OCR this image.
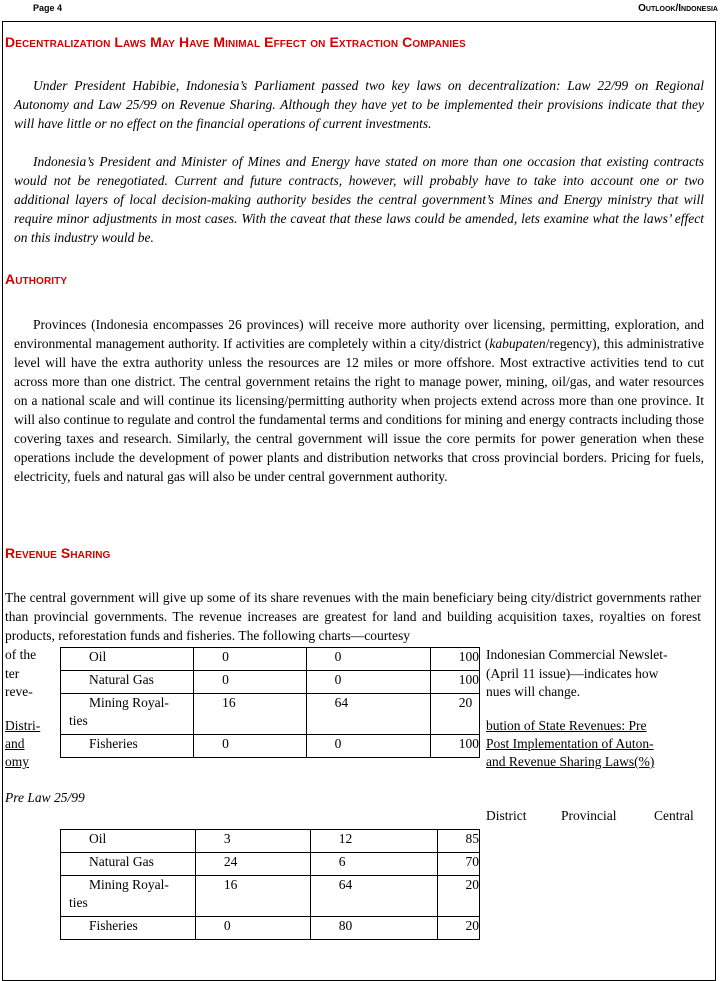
Page 4	Outlook/Indonesia
Decentralization Laws May Have Minimal Effect on Extraction Companies
Under President Habibie, Indonesia’s Parliament passed two key laws on decentralization: Law 22/99 on Regional Autonomy and Law 25/99 on Revenue Sharing. Although they have yet to be implemented their provisions indicate that they will have little or no effect on the financial operations of current investments.
Indonesia’s President and Minister of Mines and Energy have stated on more than one occasion that existing contracts would not be renegotiated. Current and future contracts, however, will probably have to take into account one or two additional layers of local decision-making authority besides the central government’s Mines and Energy ministry that will require minor adjustments in most cases. With the caveat that these laws could be amended, lets examine what the laws’ effect on this industry would be.
Authority
Provinces (Indonesia encompasses 26 provinces) will receive more authority over licensing, permitting, exploration, and environmental management authority. If activities are completely within a city/district (kabupaten/regency), this administrative level will have the extra authority unless the resources are 12 miles or more offshore. Most extractive activities tend to cut across more than one district. The central government retains the right to manage power, mining, oil/gas, and water resources on a national scale and will continue its licensing/permitting authority when projects extend across more than one province. It will also continue to regulate and control the fundamental terms and conditions for mining and energy contracts including those covering taxes and research. Similarly, the central government will issue the core permits for power generation when these operations include the development of power plants and distribution networks that cross provincial borders. Pricing for fuels, electricity, fuels and natural gas will also be under central government authority.
Revenue Sharing
The central government will give up some of its share revenues with the main beneficiary being city/district governments rather than provincial governments. The revenue increases are greatest for land and building acquisition taxes, royalties on forest products, reforestation funds and fisheries. The following charts—courtesy
of the
ter
reve-
Distri-
and
omy
Indonesian Commercial Newslet-
(April 11 issue)—indicates how
nues will change.
bution of State Revenues: Pre
Post Implementation of Auton-
and Revenue Sharing Laws(%)
Oil	0	0	100
Natural Gas	0	0	100
Mining Royal-
ties	16	64	20
Fisheries	0	0	100
Pre Law 25/99
District	Provincial	Central
Oil	3	12	85
Natural Gas	24	6	70
Mining Royal-
ties	16	64	20
Fisheries	0	80	20
